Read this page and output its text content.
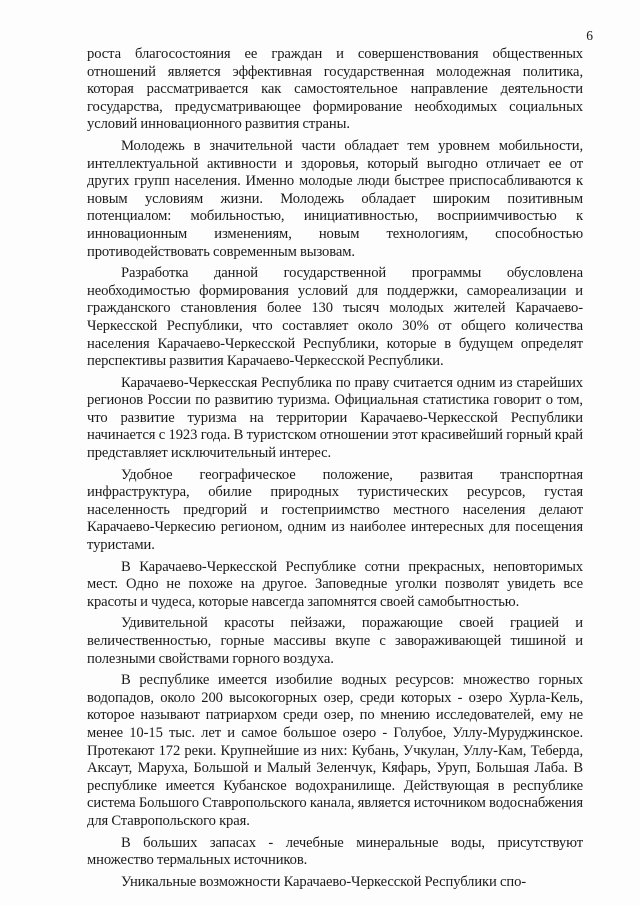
6

роста благосостояния ее граждан и совершенствования общественных отношений является эффективная государственная молодежная политика, которая рассматривается как самостоятельное направление деятельности государства, предусматривающее формирование необходимых социальных условий инновационного развития страны.

Молодежь в значительной части обладает тем уровнем мобильности, интеллектуальной активности и здоровья, который выгодно отличает ее от других групп населения. Именно молодые люди быстрее приспосабливаются к новым условиям жизни. Молодежь обладает широким позитивным потенциалом: мобильностью, инициативностью, восприимчивостью к инновационным изменениям, новым технологиям, способностью противодействовать современным вызовам.

Разработка данной государственной программы обусловлена необходимостью формирования условий для поддержки, самореализации и гражданского становления более 130 тысяч молодых жителей Карачаево-Черкесской Республики, что составляет около 30% от общего количества населения Карачаево-Черкесской Республики, которые в будущем определят перспективы развития Карачаево-Черкесской Республики.

Карачаево-Черкесская Республика по праву считается одним из старейших регионов России по развитию туризма. Официальная статистика говорит о том, что развитие туризма на территории Карачаево-Черкесской Республики начинается с 1923 года. В туристском отношении этот красивейший горный край представляет исключительный интерес.

Удобное географическое положение, развитая транспортная инфраструктура, обилие природных туристических ресурсов, густая населенность предгорий и гостеприимство местного населения делают Карачаево-Черкесию регионом, одним из наиболее интересных для посещения туристами.

В Карачаево-Черкесской Республике сотни прекрасных, неповторимых мест. Одно не похоже на другое. Заповедные уголки позволят увидеть все красоты и чудеса, которые навсегда запомнятся своей самобытностью.

Удивительной красоты пейзажи, поражающие своей грацией и величественностью, горные массивы вкупе с завораживающей тишиной и полезными свойствами горного воздуха.

В республике имеется изобилие водных ресурсов: множество горных водопадов, около 200 высокогорных озер, среди которых - озеро Хурла-Кель, которое называют патриархом среди озер, по мнению исследователей, ему не менее 10-15 тыс. лет и самое большое озеро - Голубое, Уллу-Муруджинское. Протекают 172 реки. Крупнейшие из них: Кубань, Учкулан, Уллу-Кам, Теберда, Аксаут, Маруха, Большой и Малый Зеленчук, Кяфарь, Уруп, Большая Лаба. В республике имеется Кубанское водохранилище. Действующая в республике система Большого Ставропольского канала, является источником водоснабжения для Ставропольского края.

В больших запасах - лечебные минеральные воды, присутствуют множество термальных источников.

Уникальные возможности Карачаево-Черкесской Республики спо-
